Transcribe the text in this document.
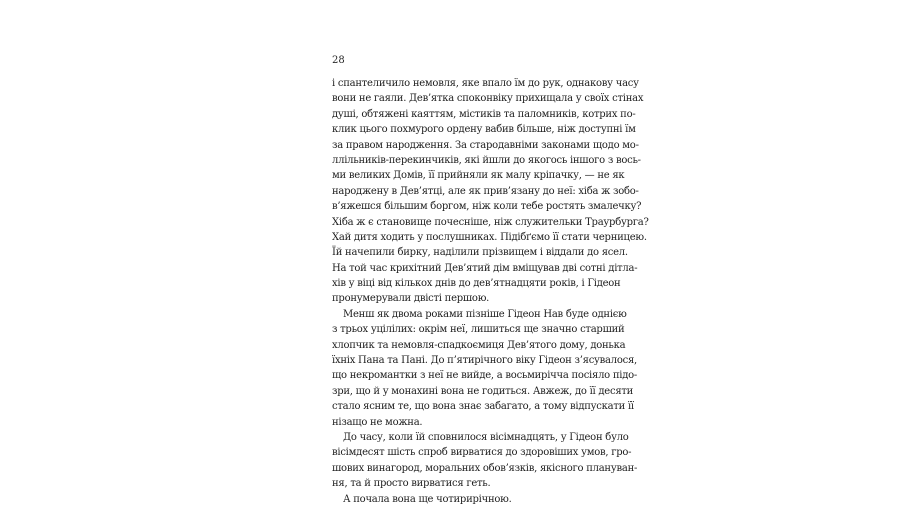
28
і спантеличило немовля, яке впало їм до рук, однакову часу
вони не гаяли. Дев’ятка споконвіку прихищала у своїх стінах
душі, обтяжені каяттям, містиків та паломників, котрих по-
клик цього похмурого ордену вабив більше, ніж доступні їм
за правом народження. За стародавніми законами щодо мо-
ллільників-перекинчиків, які йшли до якогось іншого з вось-
ми великих Домів, її прийняли як малу кріпачку, — не як
народжену в Дев’ятці, але як прив’язану до неї: хіба ж зобо-
в’яжешся більшим боргом, ніж коли тебе ростять змалечку?
Хіба ж є становище почесніше, ніж служительки Траурбурга?
Хай дитя ходить у послушниках. Підібґємо її стати черницею.
Їй начепили бирку, наділили прізвищем і віддали до ясел.
На той час крихітний Дев’ятий дім вміщував дві сотні дітла-
хів у віці від кількох днів до дев’ятнадцяти років, і Гідеон
пронумерували двісті першою.
Менш як двома роками пізніше Гідеон Нав буде однією
з трьох уцілілих: окрім неї, лишиться ще значно старший
хлопчик та немовля-спадкоємиця Дев’ятого дому, донька
їхніх Пана та Пані. До п’ятирічного віку Гідеон з’ясувалося,
що некромантки з неї не вийде, а восьмирічча посіяло підо-
зри, що й у монахині вона не годиться. Авжеж, до її десяти
стало ясним те, що вона знає забагато, а тому відпускати її
нізащо не можна.
До часу, коли їй сповнилося вісімнадцять, у Гідеон було
вісімдесят шість спроб вирватися до здоровіших умов, гро-
шових винагород, моральних обов’язків, якісного плануван-
ня, та й просто вирватися геть.
А почала вона ще чотирирічною.
